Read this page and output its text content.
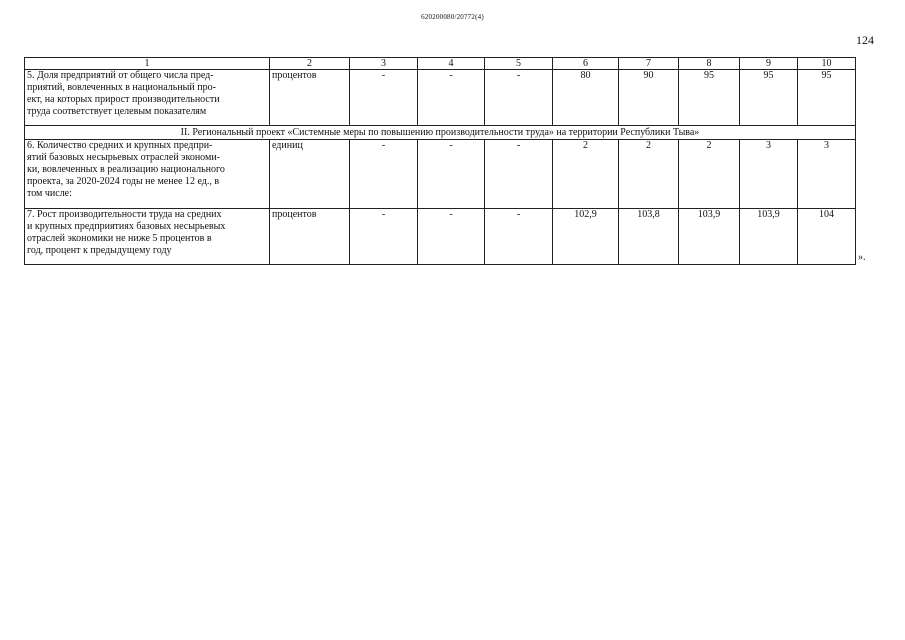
620200080/20772(4)
124
1	2	3	4	5	6	7	8	9	10

5. Доля предприятий от общего числа пред-
приятий, вовлеченных в национальный про-
ект, на которых прирост производительности
труда соответствует целевым показателям	процентов	-	-	-	80	90	95	95	95
II. Региональный проект «Системные меры по повышению производительности труда» на территории Республики Тыва»									

6. Количество средних и крупных предпри-
ятий базовых несырьевых отраслей экономи-
ки, вовлеченных в реализацию национального
проекта, за 2020-2024 годы не менее 12 ед., в
том числе:	единиц	-	-	-	2	2	2	3	3

7. Рост производительности труда на средних
и крупных предприятиях базовых несырьевых
отраслей экономики не ниже 5 процентов в
год, процент к предыдущему году	процентов	-	-	-	102,9	103,8	103,9	103,9	104
».
